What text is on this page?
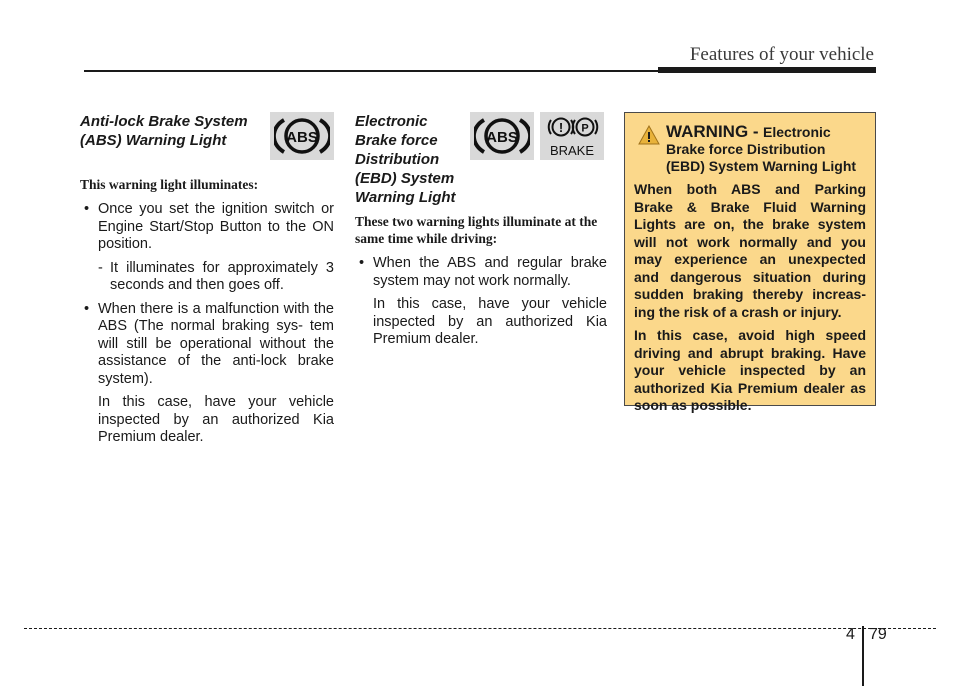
Features of your vehicle
Anti-lock Brake System
(ABS) Warning Light

This warning light illuminates:

• Once you set the ignition switch or Engine Start/Stop Button to the ON position.
- It illuminates for approximately 3 seconds and then goes off.
• When there is a malfunction with the ABS (The normal braking sys- tem will still be operational without the assistance of the anti-lock brake system).

In this case, have your vehicle inspected by an authorized Kia Premium dealer.

ABS
Electronic
Brake force
Distribution
(EBD) System
Warning Light

These two warning lights illuminate at the same time while driving:

• When the ABS and regular brake system may not work normally.

In this case, have your vehicle inspected by an authorized Kia Premium dealer.

ABS
! P
BRAKE
WARNING - Electronic
Brake force Distribution
(EBD) System Warning Light

When both ABS and Parking Brake & Brake Fluid Warning Lights are on, the brake system will not work normally and you may experience an unexpected and dangerous situation during sudden braking thereby increas- ing the risk of a crash or injury.

In this case, avoid high speed driving and abrupt braking. Have your vehicle inspected by an authorized Kia Premium dealer as soon as possible.

4 79
